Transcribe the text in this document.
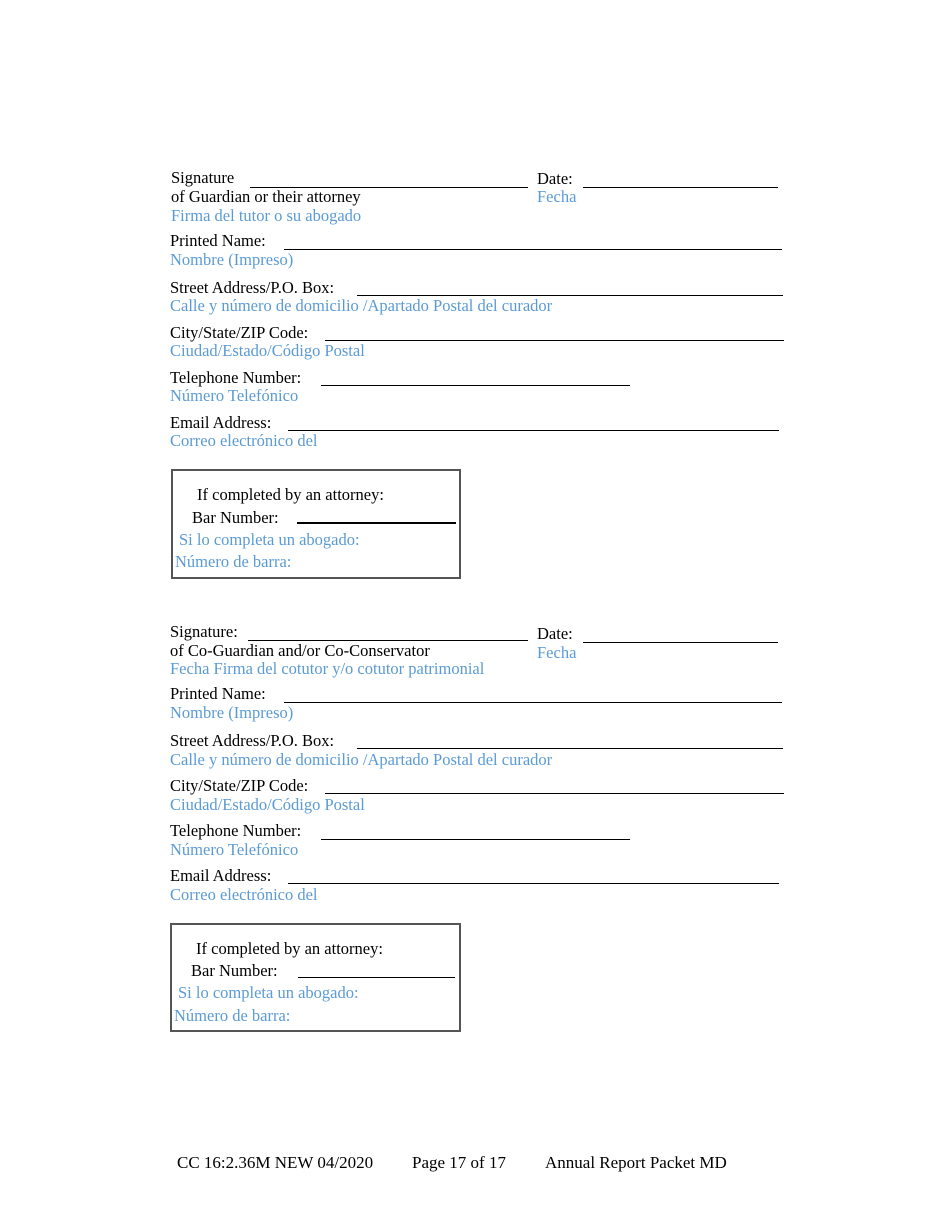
Signature
of Guardian or their attorney
Firma del tutor o su abogado
Date:
Fecha
Printed Name:
Nombre (Impreso)
Street Address/P.O. Box:
Calle y número de domicilio /Apartado Postal del curador
City/State/ZIP Code:
Ciudad/Estado/Código Postal
Telephone Number:
Número Telefónico
Email Address:
Correo electrónico del
If completed by an attorney:
Bar Number:
Si lo completa un abogado:
Número de barra:
Signature:
of Co-Guardian and/or Co-Conservator
Fecha Firma del cotutor y/o cotutor patrimonial
Date:
Fecha
Printed Name:
Nombre (Impreso)
Street Address/P.O. Box:
Calle y número de domicilio /Apartado Postal del curador
City/State/ZIP Code:
Ciudad/Estado/Código Postal
Telephone Number:
Número Telefónico
Email Address:
Correo electrónico del
If completed by an attorney:
Bar Number:
Si lo completa un abogado:
Número de barra:
CC 16:2.36M NEW 04/2020 Page 17 of 17 Annual Report Packet MD
